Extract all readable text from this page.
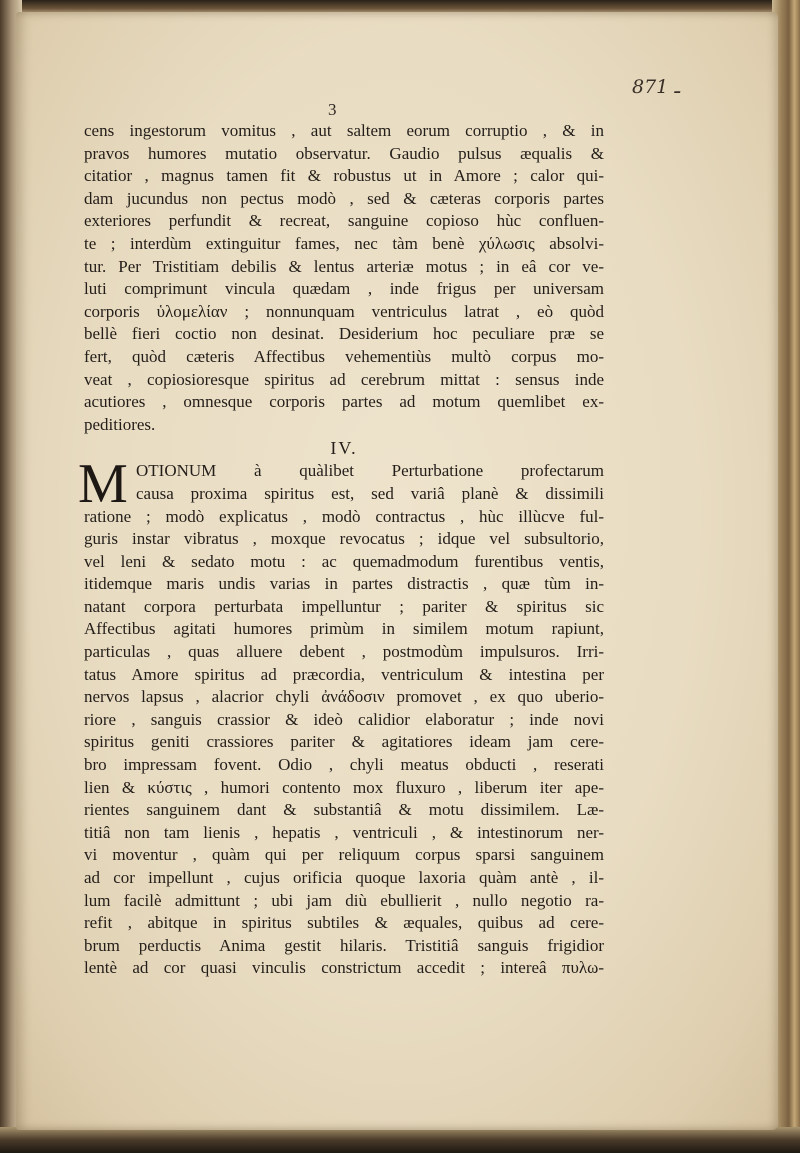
ـ 871
3
cens ingestorum vomitus , aut saltem eorum corruptio , & in
pravos humores mutatio observatur. Gaudio pulsus æqualis &
citatior , magnus tamen fit & robustus ut in Amore ; calor qui-
dam jucundus non pectus modò , sed & cæteras corporis partes
exteriores perfundit & recreat, sanguine copioso hùc confluen-
te ; interdùm extinguitur fames, nec tàm benè χύλωσις absolvi-
tur. Per Tristitiam debilis & lentus arteriæ motus ; in eâ cor ve-
luti comprimunt vincula quædam , inde frigus per universam
corporis ὑλομελίαν ; nonnunquam ventriculus latrat , eò quòd
bellè fieri coctio non desinat. Desiderium hoc peculiare præ se
fert, quòd cæteris Affectibus vehementiùs multò corpus mo-
veat , copiosioresque spiritus ad cerebrum mittat : sensus inde
acutiores , omnesque corporis partes ad motum quemlibet ex-
peditiores.
IV.
M OTIONUM à quàlibet Perturbatione profectarum
causa proxima spiritus est, sed variâ planè & dissimili
ratione ; modò explicatus , modò contractus , hùc illùcve ful-
guris instar vibratus , moxque revocatus ; idque vel subsultorio,
vel leni & sedato motu : ac quemadmodum furentibus ventis,
itidemque maris undis varias in partes distractis , quæ tùm in-
natant corpora perturbata impelluntur ; pariter & spiritus sic
Affectibus agitati humores primùm in similem motum rapiunt,
particulas , quas alluere debent , postmodùm impulsuros. Irri-
tatus Amore spiritus ad præcordia, ventriculum & intestina per
nervos lapsus , alacrior chyli ἀνάδοσιν promovet , ex quo uberio-
riore , sanguis crassior & ideò calidior elaboratur ; inde novi
spiritus geniti crassiores pariter & agitatiores ideam jam cere-
bro impressam fovent. Odio , chyli meatus obducti , reserati
lien & κύστις , humori contento mox fluxuro , liberum iter ape-
rientes sanguinem dant & substantiâ & motu dissimilem. Læ-
titiâ non tam lienis , hepatis , ventriculi , & intestinorum ner-
vi moventur , quàm qui per reliquum corpus sparsi sanguinem
ad cor impellunt , cujus orificia quoque laxoria quàm antè , il-
lum facilè admittunt ; ubi jam diù ebullierit , nullo negotio ra-
refit , abitque in spiritus subtiles & æquales, quibus ad cere-
brum perductis Anima gestit hilaris. Tristitiâ sanguis frigidior
lentè ad cor quasi vinculis constrictum accedit ; intereâ πυλω-
